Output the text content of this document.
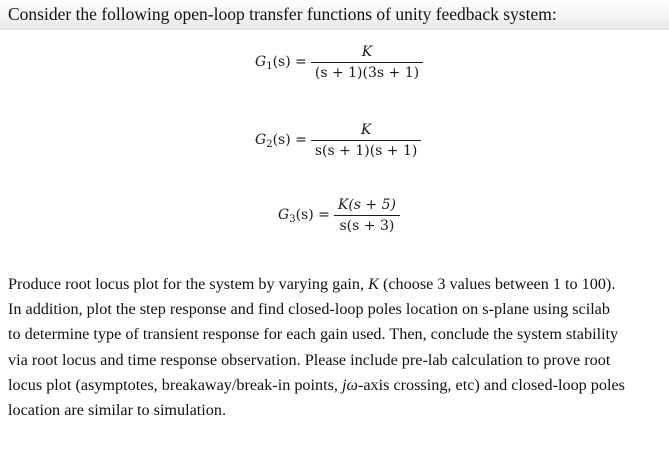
Consider the following open-loop transfer functions of unity feedback system:
$G_1(s) = \frac{K}{(s + 1)(3s + 1)}$
$G_2(s) = \frac{K}{s(s + 1)(s + 1)}$
$G_3(s) = \frac{K(s + 5)}{s(s + 3)}$
Produce root locus plot for the system by varying gain, K (choose 3 values between 1 to 100).
In addition, plot the step response and find closed-loop poles location on s-plane using scilab
to determine type of transient response for each gain used. Then, conclude the system stability
via root locus and time response observation. Please include pre-lab calculation to prove root
locus plot (asymptotes, breakaway/break-in points, jω-axis crossing, etc) and closed-loop poles
location are similar to simulation.
